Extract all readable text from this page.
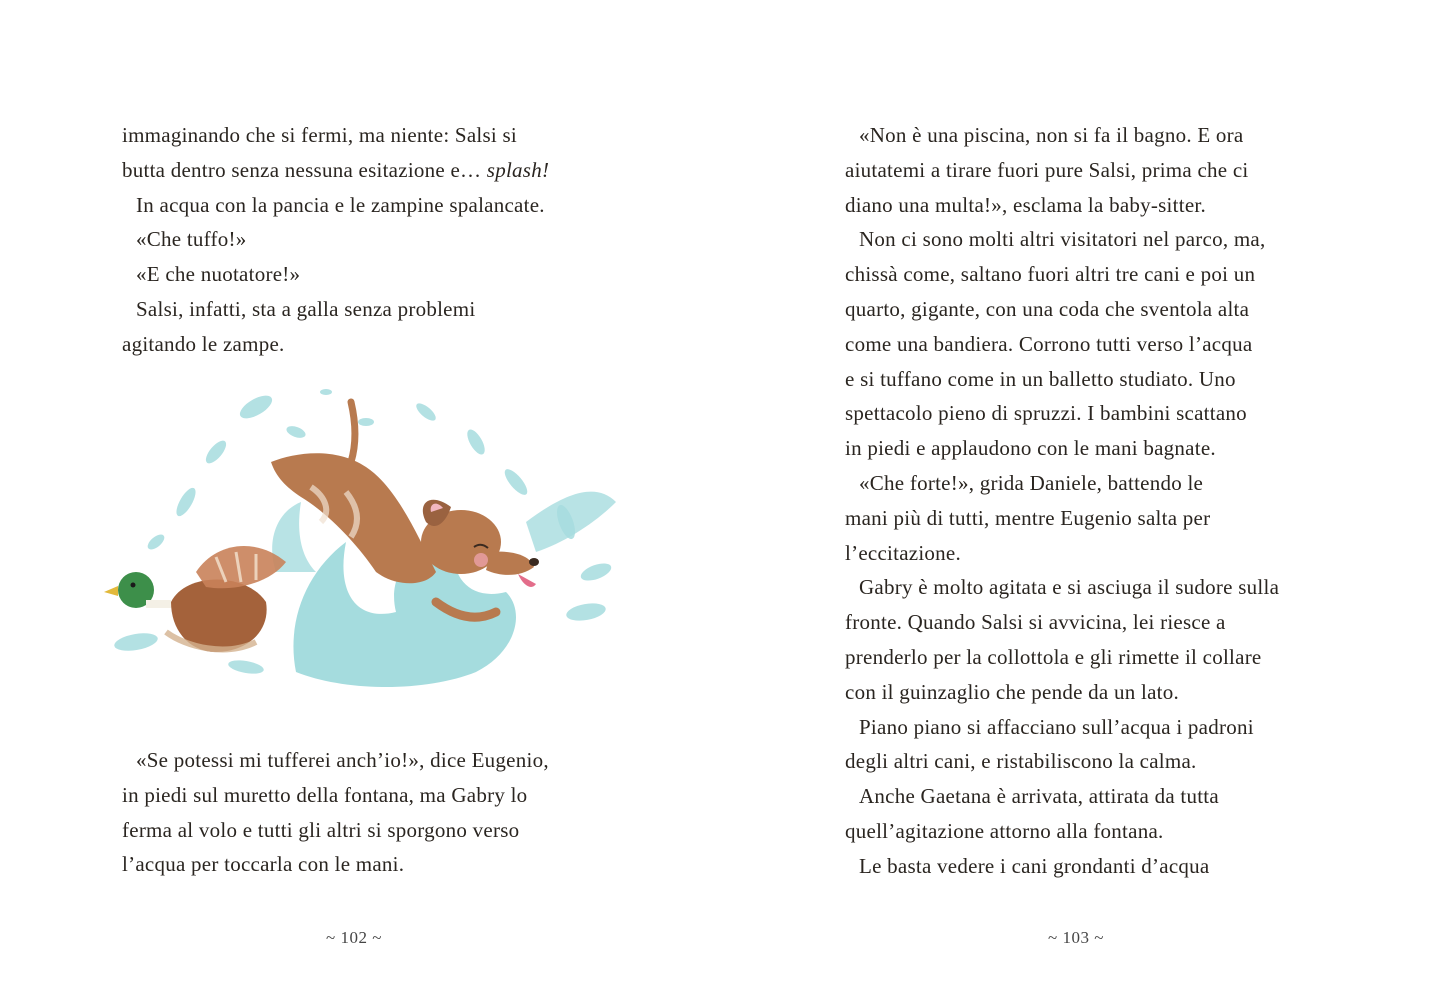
immaginando che si fermi, ma niente: Salsi si
butta dentro senza nessuna esitazione e… splash!
In acqua con la pancia e le zampine spalancate.
«Che tuffo!»
«E che nuotatore!»
Salsi, infatti, sta a galla senza problemi
agitando le zampe.
«Se potessi mi tufferei anch’io!», dice Eugenio,
in piedi sul muretto della fontana, ma Gabry lo
ferma al volo e tutti gli altri si sporgono verso
l’acqua per toccarla con le mani.
~ 102 ~
«Non è una piscina, non si fa il bagno. E ora
aiutatemi a tirare fuori pure Salsi, prima che ci
diano una multa!», esclama la baby-sitter.
Non ci sono molti altri visitatori nel parco, ma,
chissà come, saltano fuori altri tre cani e poi un
quarto, gigante, con una coda che sventola alta
come una bandiera. Corrono tutti verso l’acqua
e si tuffano come in un balletto studiato. Uno
spettacolo pieno di spruzzi. I bambini scattano
in piedi e applaudono con le mani bagnate.
«Che forte!», grida Daniele, battendo le
mani più di tutti, mentre Eugenio salta per
l’eccitazione.
Gabry è molto agitata e si asciuga il sudore sulla
fronte. Quando Salsi si avvicina, lei riesce a
prenderlo per la collottola e gli rimette il collare
con il guinzaglio che pende da un lato.
Piano piano si affacciano sull’acqua i padroni
degli altri cani, e ristabiliscono la calma.
Anche Gaetana è arrivata, attirata da tutta
quell’agitazione attorno alla fontana.
Le basta vedere i cani grondanti d’acqua
~ 103 ~
